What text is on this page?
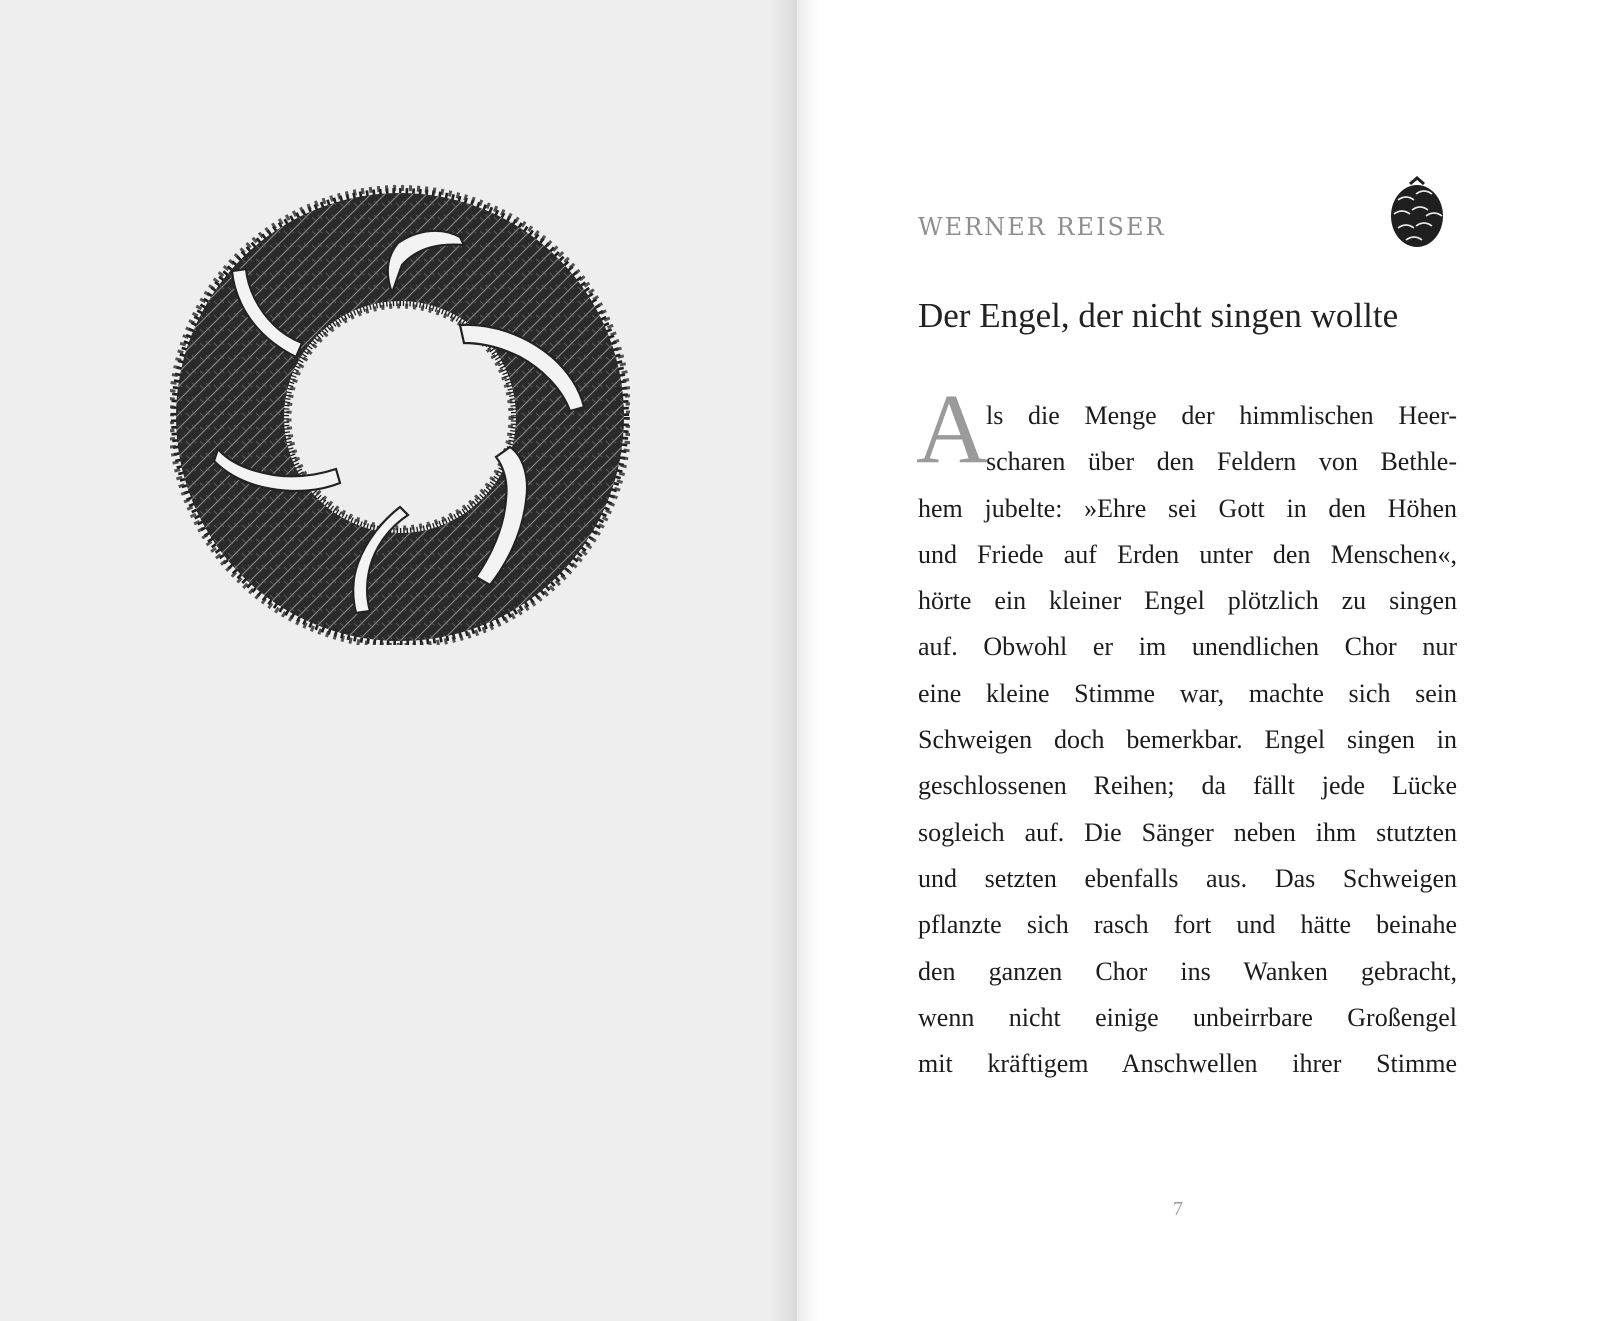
WERNER REISER
Der Engel, der nicht singen wollte
A
ls die Menge der himmlischen Heer-
scharen über den Feldern von Bethle-
hem jubelte: »Ehre sei Gott in den Höhen
und Friede auf Erden unter den Menschen«,
hörte ein kleiner Engel plötzlich zu singen
auf. Obwohl er im unendlichen Chor nur
eine kleine Stimme war, machte sich sein
Schweigen doch bemerkbar. Engel singen in
geschlossenen Reihen; da fällt jede Lücke
sogleich auf. Die Sänger neben ihm stutzten
und setzten ebenfalls aus. Das Schweigen
pflanzte sich rasch fort und hätte beinahe
den ganzen Chor ins Wanken gebracht,
wenn nicht einige unbeirrbare Großengel
mit kräftigem Anschwellen ihrer Stimme
7
